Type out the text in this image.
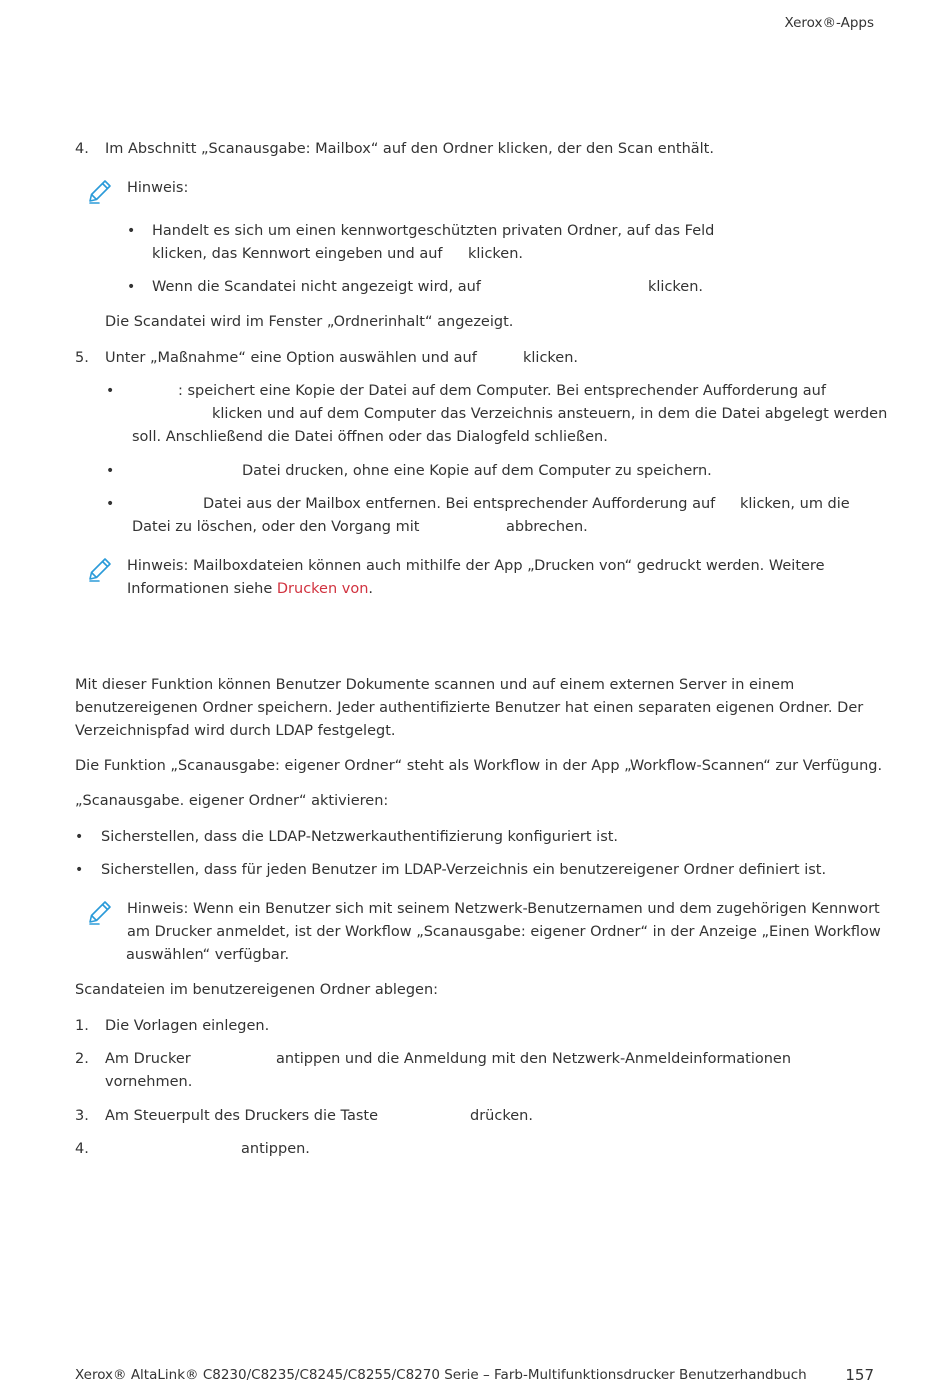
Xerox®-Apps
4. Im Abschnitt „Scanausgabe: Mailbox“ auf den Ordner klicken, der den Scan enthält.
Hinweis:
• Handelt es sich um einen kennwortgeschützten privaten Ordner, auf das Feld
klicken, das Kennwort eingeben und auf klicken.
• Wenn die Scandatei nicht angezeigt wird, auf	klicken.
Die Scandatei wird im Fenster „Ordnerinhalt“ angezeigt.
5. Unter „Maßnahme“ eine Option auswählen und auf	klicken.
•	: speichert eine Kopie der Datei auf dem Computer. Bei entsprechender Aufforderung auf
klicken und auf dem Computer das Verzeichnis ansteuern, in dem die Datei abgelegt werden
soll. Anschließend die Datei öffnen oder das Dialogfeld schließen.
•	Datei drucken, ohne eine Kopie auf dem Computer zu speichern.
•	Datei aus der Mailbox entfernen. Bei entsprechender Aufforderung auf klicken, um die
Datei zu löschen, oder den Vorgang mit	abbrechen.
Hinweis: Mailboxdateien können auch mithilfe der App „Drucken von“ gedruckt werden. Weitere
Informationen siehe Drucken von.
Mit dieser Funktion können Benutzer Dokumente scannen und auf einem externen Server in einem
benutzereigenen Ordner speichern. Jeder authentifizierte Benutzer hat einen separaten eigenen Ordner. Der
Verzeichnispfad wird durch LDAP festgelegt.
Die Funktion „Scanausgabe: eigener Ordner“ steht als Workflow in der App „Workflow-Scannen“ zur Verfügung.
„Scanausgabe. eigener Ordner“ aktivieren:
• Sicherstellen, dass die LDAP-Netzwerkauthentifizierung konfiguriert ist.
• Sicherstellen, dass für jeden Benutzer im LDAP-Verzeichnis ein benutzereigener Ordner definiert ist.
Hinweis: Wenn ein Benutzer sich mit seinem Netzwerk-Benutzernamen und dem zugehörigen Kennwort
am Drucker anmeldet, ist der Workflow „Scanausgabe: eigener Ordner“ in der Anzeige „Einen Workflow
auswählen“ verfügbar.
Scandateien im benutzereigenen Ordner ablegen:
1. Die Vorlagen einlegen.
2. Am Drucker	antippen und die Anmeldung mit den Netzwerk-Anmeldeinformationen
vornehmen.
3. Am Steuerpult des Druckers die Taste	drücken.
4.	antippen.
Xerox® AltaLink® C8230/C8235/C8245/C8255/C8270 Serie – Farb-Multifunktionsdrucker Benutzerhandbuch	157
